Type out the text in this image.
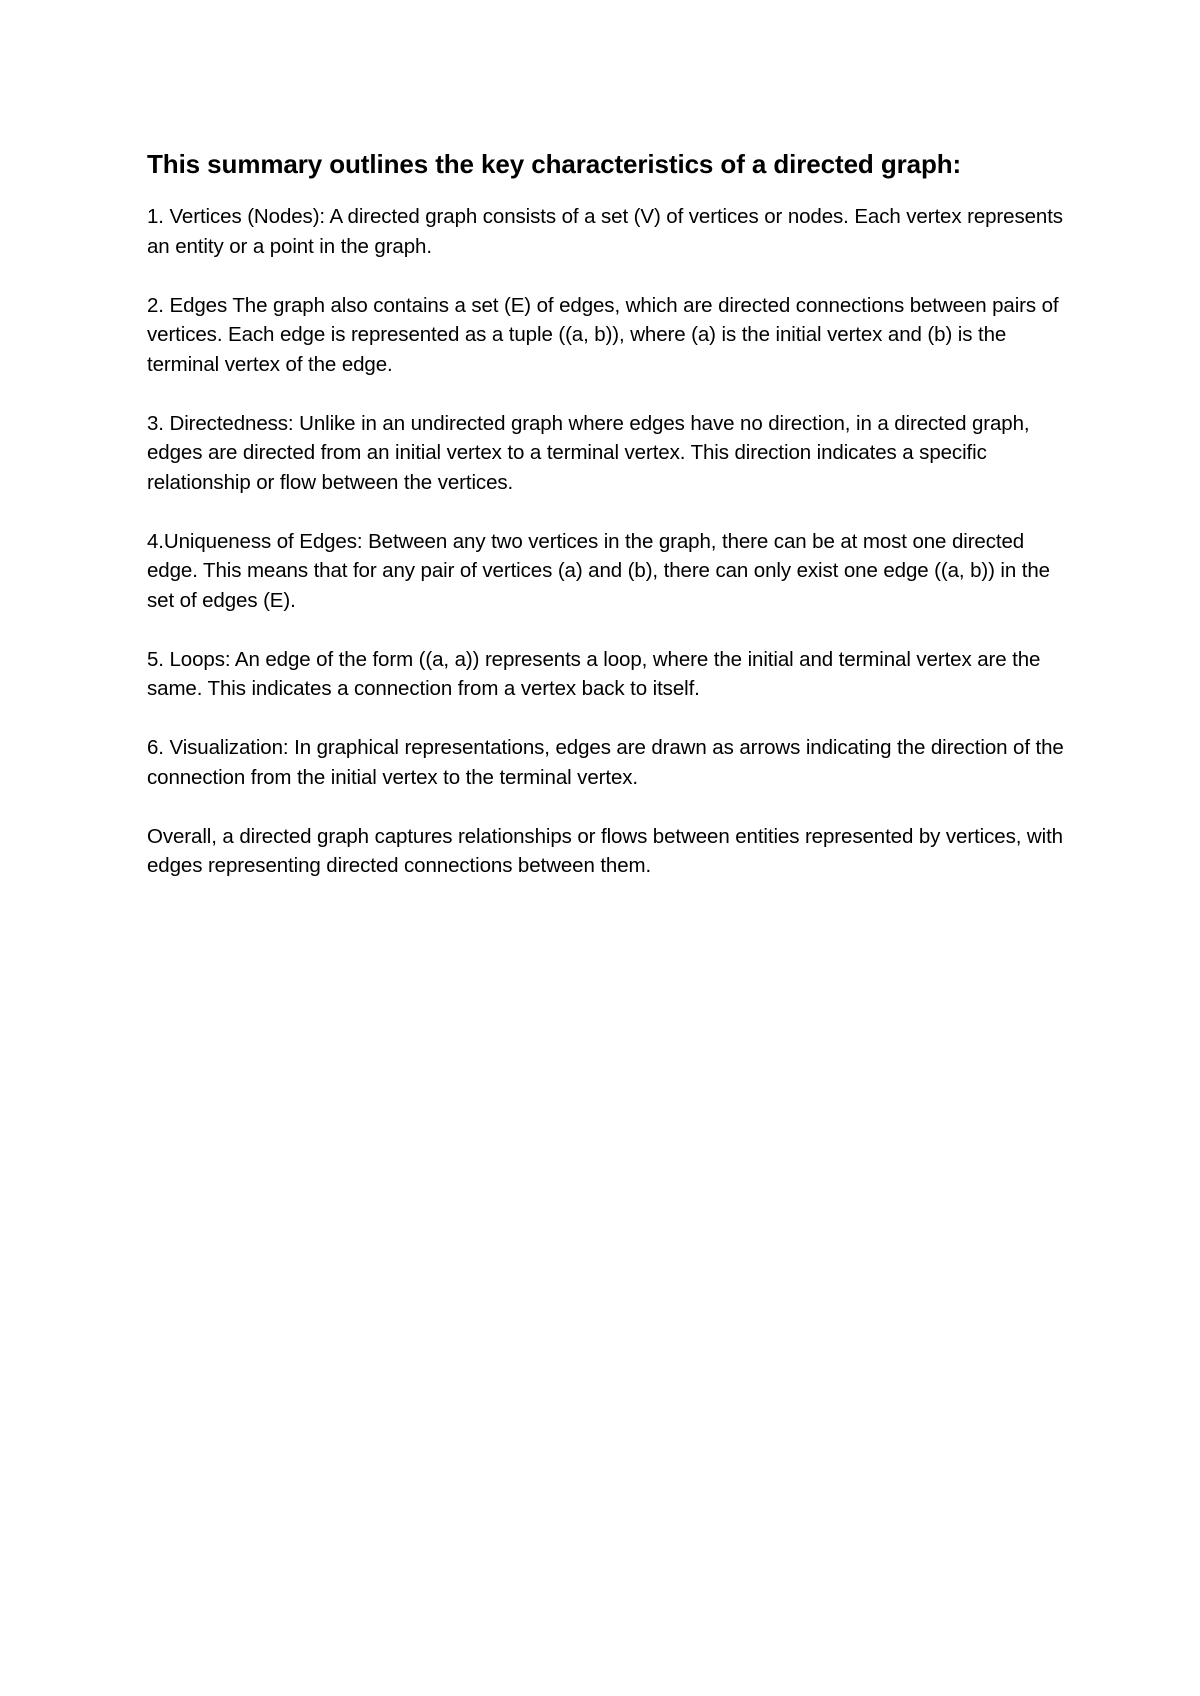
This summary outlines the key characteristics of a directed graph:

1. Vertices (Nodes): A directed graph consists of a set (V) of vertices or nodes. Each vertex represents an entity or a point in the graph.

2. Edges The graph also contains a set (E) of edges, which are directed connections between pairs of vertices. Each edge is represented as a tuple ((a, b)), where (a) is the initial vertex and (b) is the terminal vertex of the edge.

3. Directedness: Unlike in an undirected graph where edges have no direction, in a directed graph, edges are directed from an initial vertex to a terminal vertex. This direction indicates a specific relationship or flow between the vertices.

4.Uniqueness of Edges: Between any two vertices in the graph, there can be at most one directed edge. This means that for any pair of vertices (a) and (b), there can only exist one edge ((a, b)) in the set of edges (E).

5. Loops: An edge of the form ((a, a)) represents a loop, where the initial and terminal vertex are the same. This indicates a connection from a vertex back to itself.

6. Visualization: In graphical representations, edges are drawn as arrows indicating the direction of the connection from the initial vertex to the terminal vertex.

Overall, a directed graph captures relationships or flows between entities represented by vertices, with edges representing directed connections between them.
